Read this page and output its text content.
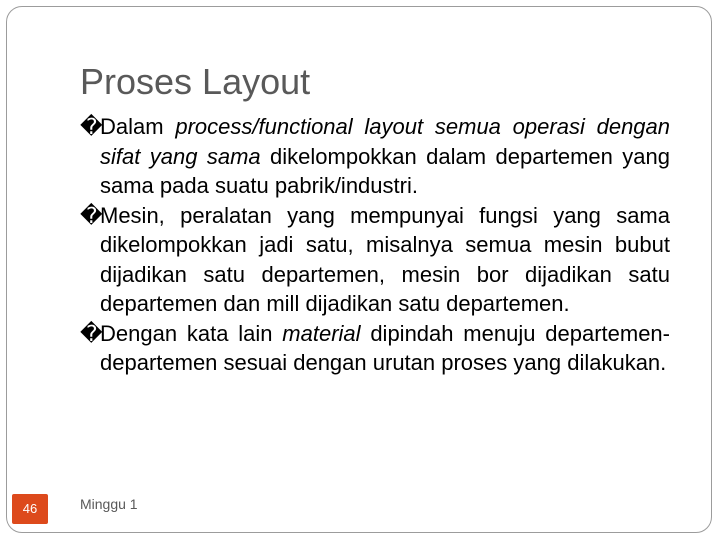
Proses Layout

�
Dalam process/functional layout semua operasi dengan sifat yang sama dikelompokkan dalam departemen yang sama pada suatu pabrik/industri.

�
Mesin, peralatan yang mempunyai fungsi yang sama dikelompokkan jadi satu, misalnya semua mesin bubut dijadikan satu departemen, mesin bor dijadikan satu departemen dan mill dijadikan satu departemen.

�
Dengan kata lain material dipindah menuju departemen-departemen sesuai dengan urutan proses yang dilakukan.

46	Minggu 1
